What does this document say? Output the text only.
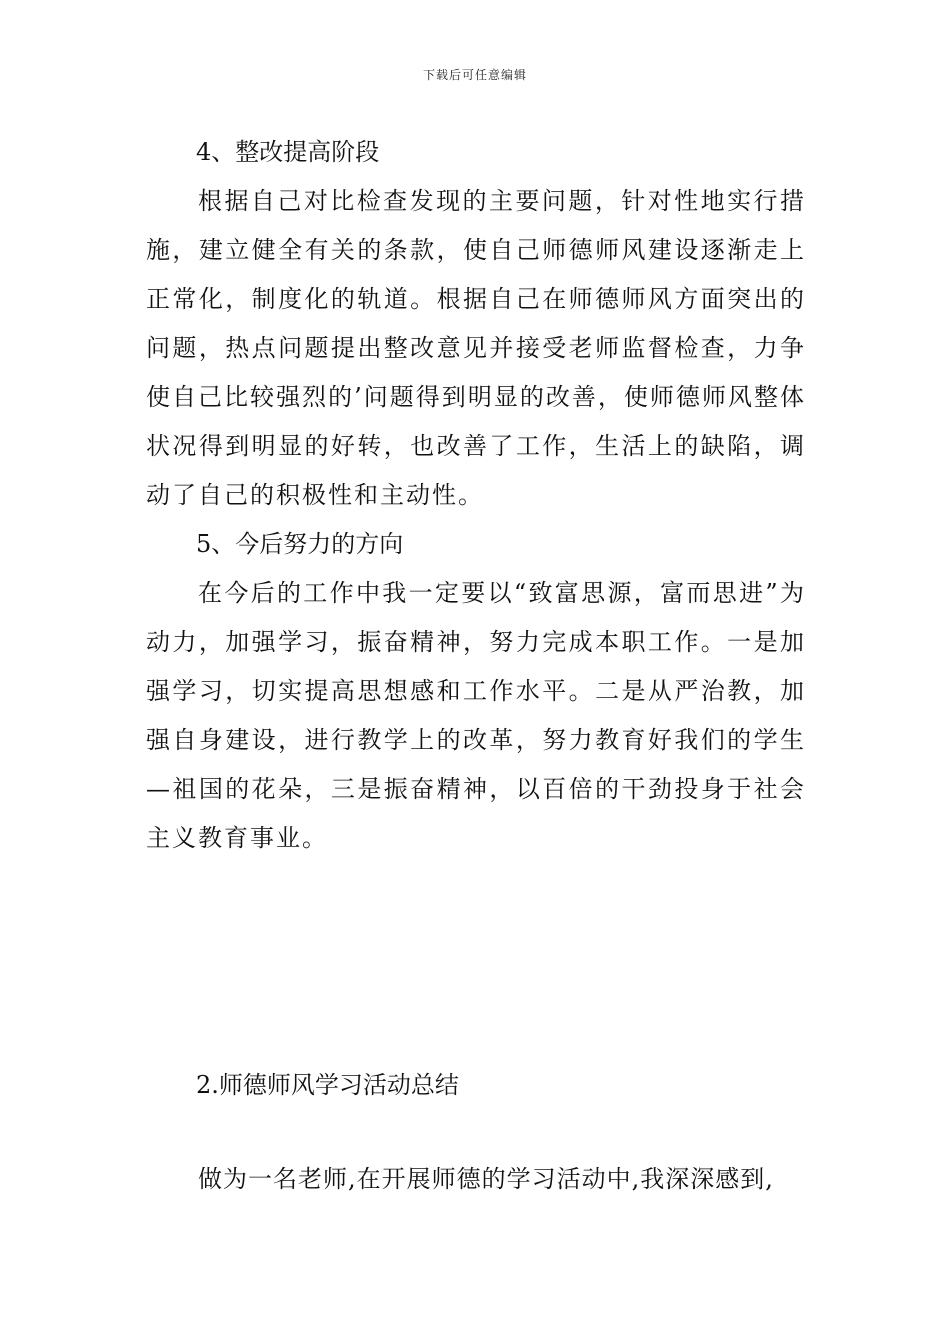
下载后可任意编辑

4、整改提高阶段

根据自己对比检查发现的主要问题，针对性地实行措施，建立健全有关的条款，使自己师德师风建设逐渐走上正常化，制度化的轨道。根据自己在师德师风方面突出的问题，热点问题提出整改意见并接受老师监督检查，力争使自己比较强烈的’问题得到明显的改善，使师德师风整体状况得到明显的好转，也改善了工作，生活上的缺陷，调动了自己的积极性和主动性。

5、今后努力的方向

在今后的工作中我一定要以“致富思源，富而思进”为动力，加强学习，振奋精神，努力完成本职工作。一是加强学习，切实提高思想感和工作水平。二是从严治教，加强自身建设，进行教学上的改革，努力教育好我们的学生—祖国的花朵，三是振奋精神，以百倍的干劲投身于社会主义教育事业。

2.师德师风学习活动总结

做为一名老师,在开展师德的学习活动中,我深深感到,
